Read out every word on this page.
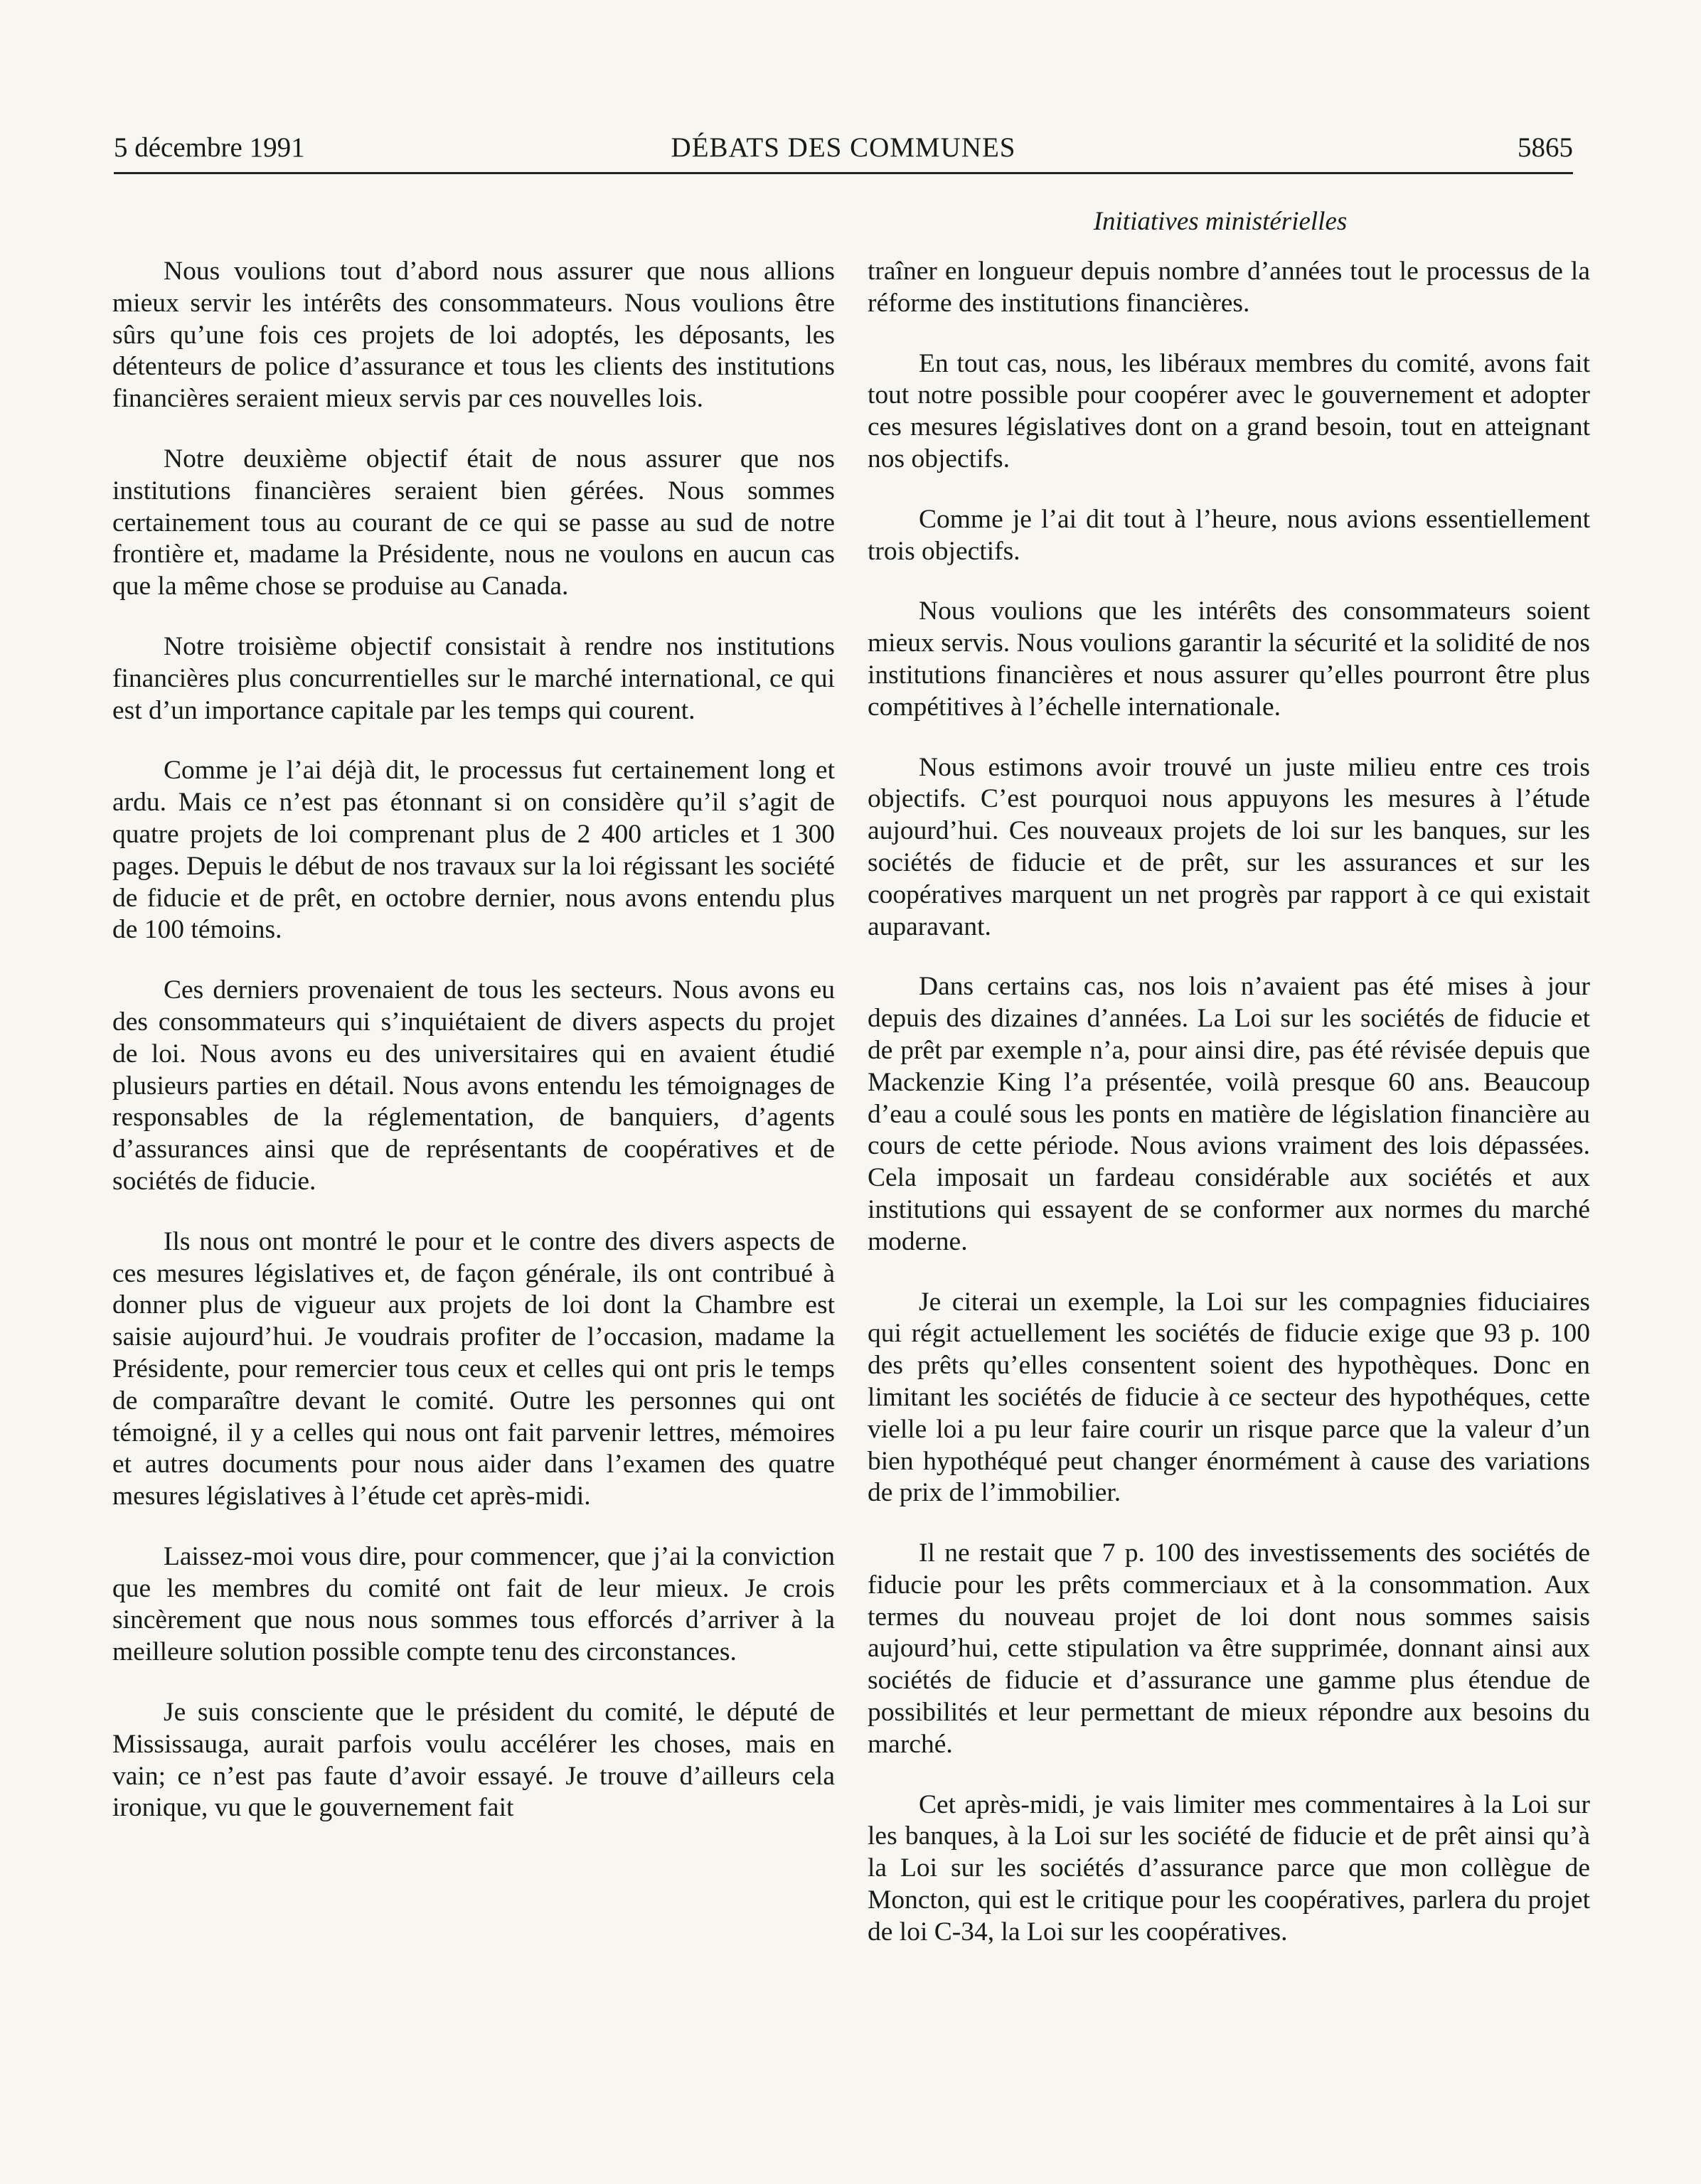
5 décembre 1991	DÉBATS DES COMMUNES	5865
Initiatives ministérielles

Nous voulions tout d’abord nous assurer que nous allions mieux servir les intérêts des consommateurs. Nous voulions être sûrs qu’une fois ces projets de loi adoptés, les déposants, les détenteurs de police d’assurance et tous les clients des institutions financières seraient mieux servis par ces nouvelles lois.

Notre deuxième objectif était de nous assurer que nos institutions financières seraient bien gérées. Nous sommes certainement tous au courant de ce qui se passe au sud de notre frontière et, madame la Présidente, nous ne voulons en aucun cas que la même chose se produise au Canada.

Notre troisième objectif consistait à rendre nos institutions financières plus concurrentielles sur le marché international, ce qui est d’un importance capitale par les temps qui courent.

Comme je l’ai déjà dit, le processus fut certainement long et ardu. Mais ce n’est pas étonnant si on considère qu’il s’agit de quatre projets de loi comprenant plus de 2 400 articles et 1 300 pages. Depuis le début de nos travaux sur la loi régissant les société de fiducie et de prêt, en octobre dernier, nous avons entendu plus de 100 témoins.

Ces derniers provenaient de tous les secteurs. Nous avons eu des consommateurs qui s’inquiétaient de divers aspects du projet de loi. Nous avons eu des universitaires qui en avaient étudié plusieurs parties en détail. Nous avons entendu les témoignages de responsables de la réglementation, de banquiers, d’agents d’assurances ainsi que de représentants de coopératives et de sociétés de fiducie.

Ils nous ont montré le pour et le contre des divers aspects de ces mesures législatives et, de façon générale, ils ont contribué à donner plus de vigueur aux projets de loi dont la Chambre est saisie aujourd’hui. Je voudrais profiter de l’occasion, madame la Présidente, pour remercier tous ceux et celles qui ont pris le temps de comparaître devant le comité. Outre les personnes qui ont témoigné, il y a celles qui nous ont fait parvenir lettres, mémoires et autres documents pour nous aider dans l’examen des quatre mesures législatives à l’étude cet après-midi.

Laissez-moi vous dire, pour commencer, que j’ai la conviction que les membres du comité ont fait de leur mieux. Je crois sincèrement que nous nous sommes tous efforcés d’arriver à la meilleure solution possible compte tenu des circonstances.

Je suis consciente que le président du comité, le député de Mississauga, aurait parfois voulu accélérer les choses, mais en vain; ce n’est pas faute d’avoir essayé. Je trouve d’ailleurs cela ironique, vu que le gouvernement fait

traîner en longueur depuis nombre d’années tout le processus de la réforme des institutions financières.

En tout cas, nous, les libéraux membres du comité, avons fait tout notre possible pour coopérer avec le gouvernement et adopter ces mesures législatives dont on a grand besoin, tout en atteignant nos objectifs.

Comme je l’ai dit tout à l’heure, nous avions essentiellement trois objectifs.

Nous voulions que les intérêts des consommateurs soient mieux servis. Nous voulions garantir la sécurité et la solidité de nos institutions financières et nous assurer qu’elles pourront être plus compétitives à l’échelle internationale.

Nous estimons avoir trouvé un juste milieu entre ces trois objectifs. C’est pourquoi nous appuyons les mesures à l’étude aujourd’hui. Ces nouveaux projets de loi sur les banques, sur les sociétés de fiducie et de prêt, sur les assurances et sur les coopératives marquent un net progrès par rapport à ce qui existait auparavant.

Dans certains cas, nos lois n’avaient pas été mises à jour depuis des dizaines d’années. La Loi sur les sociétés de fiducie et de prêt par exemple n’a, pour ainsi dire, pas été révisée depuis que Mackenzie King l’a présentée, voilà presque 60 ans. Beaucoup d’eau a coulé sous les ponts en matière de législation financière au cours de cette période. Nous avions vraiment des lois dépassées. Cela imposait un fardeau considérable aux sociétés et aux institutions qui essayent de se conformer aux normes du marché moderne.

Je citerai un exemple, la Loi sur les compagnies fiduciaires qui régit actuellement les sociétés de fiducie exige que 93 p. 100 des prêts qu’elles consentent soient des hypothèques. Donc en limitant les sociétés de fiducie à ce secteur des hypothéques, cette vielle loi a pu leur faire courir un risque parce que la valeur d’un bien hypothéqué peut changer énormément à cause des variations de prix de l’immobilier.

Il ne restait que 7 p. 100 des investissements des sociétés de fiducie pour les prêts commerciaux et à la consommation. Aux termes du nouveau projet de loi dont nous sommes saisis aujourd’hui, cette stipulation va être supprimée, donnant ainsi aux sociétés de fiducie et d’assurance une gamme plus étendue de possibilités et leur permettant de mieux répondre aux besoins du marché.

Cet après-midi, je vais limiter mes commentaires à la Loi sur les banques, à la Loi sur les société de fiducie et de prêt ainsi qu’à la Loi sur les sociétés d’assurance parce que mon collègue de Moncton, qui est le critique pour les coopératives, parlera du projet de loi C-34, la Loi sur les coopératives.
